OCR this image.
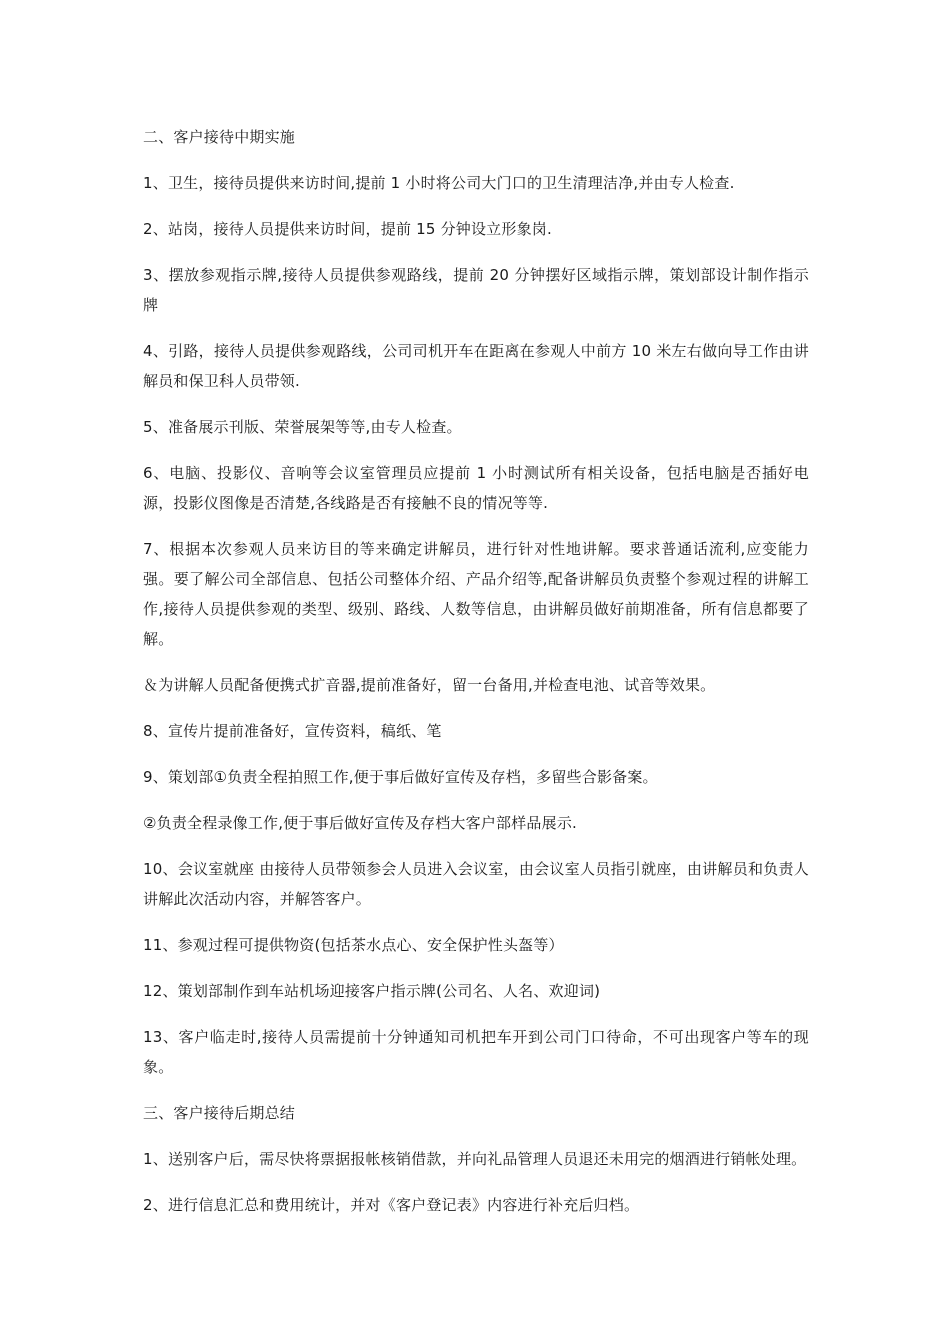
二、客户接待中期实施

1、卫生，接待员提供来访时间,提前 1 小时将公司大门口的卫生清理洁净,并由专人检查.

2、站岗，接待人员提供来访时间，提前 15 分钟设立形象岗.

3、摆放参观指示牌,接待人员提供参观路线，提前 20 分钟摆好区域指示牌，策划部设计制作指示牌

4、引路，接待人员提供参观路线，公司司机开车在距离在参观人中前方 10 米左右做向导工作由讲解员和保卫科人员带领.

5、准备展示刊版、荣誉展架等等,由专人检查。

6、电脑、投影仪、音响等会议室管理员应提前 1 小时测试所有相关设备，包括电脑是否插好电源，投影仪图像是否清楚,各线路是否有接触不良的情况等等.

7、根据本次参观人员来访目的等来确定讲解员，进行针对性地讲解。要求普通话流利,应变能力强。要了解公司全部信息、包括公司整体介绍、产品介绍等,配备讲解员负责整个参观过程的讲解工作,接待人员提供参观的类型、级别、路线、人数等信息，由讲解员做好前期准备，所有信息都要了解。

＆为讲解人员配备便携式扩音器,提前准备好，留一台备用,并检查电池、试音等效果。

8、宣传片提前准备好，宣传资料，稿纸、笔

9、策划部①负责全程拍照工作,便于事后做好宣传及存档，多留些合影备案。

②负责全程录像工作,便于事后做好宣传及存档大客户部样品展示.

10、会议室就座 由接待人员带领参会人员进入会议室，由会议室人员指引就座，由讲解员和负责人讲解此次活动内容，并解答客户。

11、参观过程可提供物资(包括茶水点心、安全保护性头盔等）

12、策划部制作到车站机场迎接客户指示牌(公司名、人名、欢迎词)

13、客户临走时,接待人员需提前十分钟通知司机把车开到公司门口待命，不可出现客户等车的现象。

三、客户接待后期总结

1、送别客户后，需尽快将票据报帐核销借款，并向礼品管理人员退还未用完的烟酒进行销帐处理。

2、进行信息汇总和费用统计，并对《客户登记表》内容进行补充后归档。
